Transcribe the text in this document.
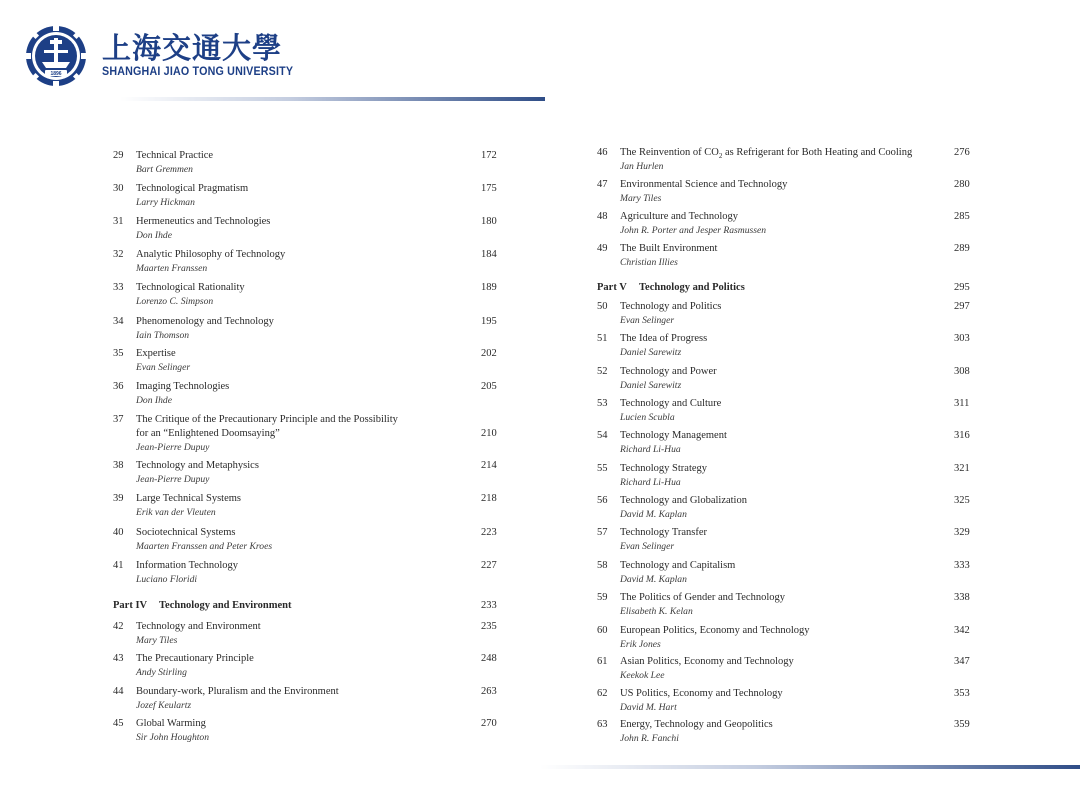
1896
上海交通大學
SHANGHAI JIAO TONG UNIVERSITY
29 Technical Practice
Bart Gremmen
172
30 Technological Pragmatism
Larry Hickman
175
31 Hermeneutics and Technologies
Don Ihde
180
32 Analytic Philosophy of Technology
Maarten Franssen
184
33 Technological Rationality
Lorenzo C. Simpson
189
34 Phenomenology and Technology
Iain Thomson
195
35 Expertise
Evan Selinger
202
36 Imaging Technologies
Don Ihde
205
37 The Critique of the Precautionary Principle and the Possibility
for an “Enlightened Doomsaying”
Jean-Pierre Dupuy
210
38 Technology and Metaphysics
Jean-Pierre Dupuy
214
39 Large Technical Systems
Erik van der Vleuten
218
40 Sociotechnical Systems
Maarten Franssen and Peter Kroes
223
41 Information Technology
Luciano Floridi
227
Part IV Technology and Environment	233
42 Technology and Environment
Mary Tiles
235
43 The Precautionary Principle
Andy Stirling
248
44 Boundary-work, Pluralism and the Environment
Jozef Keulartz
263
45 Global Warming
Sir John Houghton
270
46 The Reinvention of $CO_2$ as Refrigerant for Both Heating and Cooling
Jan Hurlen
276
47 Environmental Science and Technology
Mary Tiles
280
48 Agriculture and Technology
John R. Porter and Jesper Rasmussen
285
49 The Built Environment
Christian Illies
289
Part V Technology and Politics	295
50 Technology and Politics
Evan Selinger
297
51 The Idea of Progress
Daniel Sarewitz
303
52 Technology and Power
Daniel Sarewitz
308
53 Technology and Culture
Lucien Scubla
311
54 Technology Management
Richard Li-Hua
316
55 Technology Strategy
Richard Li-Hua
321
56 Technology and Globalization
David M. Kaplan
325
57 Technology Transfer
Evan Selinger
329
58 Technology and Capitalism
David M. Kaplan
333
59 The Politics of Gender and Technology
Elisabeth K. Kelan
338
60 European Politics, Economy and Technology
Erik Jones
342
61 Asian Politics, Economy and Technology
Keekok Lee
347
62 US Politics, Economy and Technology
David M. Hart
353
63 Energy, Technology and Geopolitics
John R. Fanchi
359
